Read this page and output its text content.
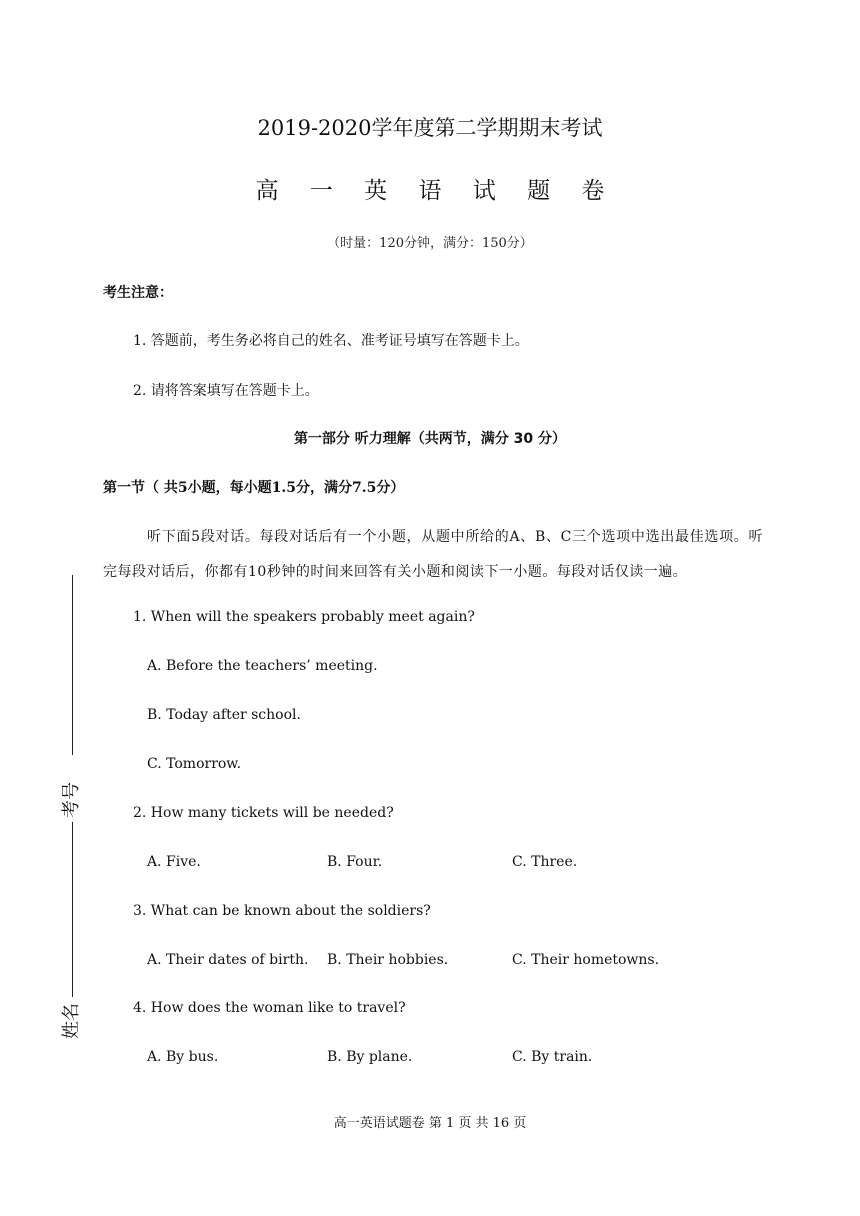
2019-2020学年度第二学期期末考试
高 一 英 语 试 题 卷
（时量：120分钟，满分：150分）
考生注意：
1. 答题前，考生务必将自己的姓名、准考证号填写在答题卡上。
2. 请将答案填写在答题卡上。
第一部分 听力理解（共两节，满分 30 分）
第一节（ 共5小题，每小题1.5分，满分7.5分）
听下面5段对话。每段对话后有一个小题，从题中所给的A、B、C三个选项中选出最佳选项。听完每段对话后，你都有10秒钟的时间来回答有关小题和阅读下一小题。每段对话仅读一遍。
1. When will the speakers probably meet again?
A. Before the teachers’ meeting.
B. Today after school.
C. Tomorrow.
2. How many tickets will be needed?
A. Five.	B. Four.	C. Three.
3. What can be known about the soldiers?
A. Their dates of birth. B. Their hobbies.	C. Their hometowns.
4. How does the woman like to travel?
A. By bus.	B. By plane.	C. By train.
考号
姓名
高一英语试题卷 第 1 页 共 16 页
